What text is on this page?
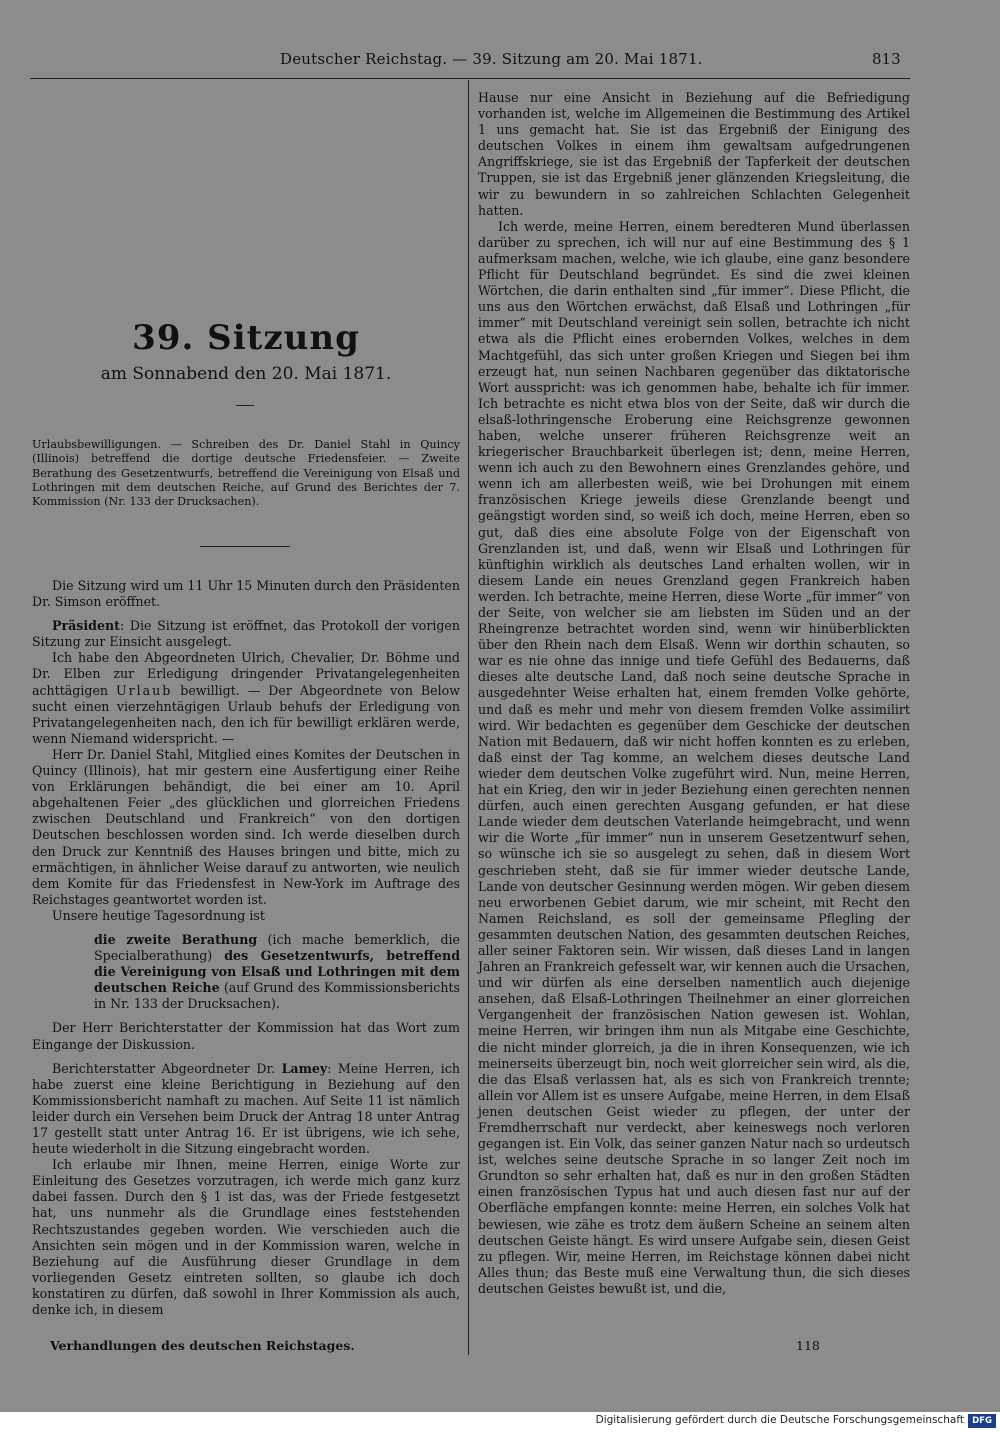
Deutscher Reichstag. — 39. Sitzung am 20. Mai 1871.	813
39. Sitzung
am Sonnabend den 20. Mai 1871.

Urlaubsbewilligungen. — Schreiben des Dr. Daniel Stahl in Quincy (Illinois) betreffend die dortige deutsche Friedensfeier. — Zweite Berathung des Gesetzentwurfs, betreffend die Vereinigung von Elsaß und Lothringen mit dem deutschen Reiche, auf Grund des Berichtes der 7. Kommission (Nr. 133 der Drucksachen).

Die Sitzung wird um 11 Uhr 15 Minuten durch den Präsidenten Dr. Simson eröffnet.

Präsident: Die Sitzung ist eröffnet, das Protokoll der vorigen Sitzung zur Einsicht ausgelegt.

Ich habe den Abgeordneten Ulrich, Chevalier, Dr. Böhme und Dr. Elben zur Erledigung dringender Privatangelegenheiten achttägigen Urlaub bewilligt. — Der Abgeordnete von Below sucht einen vierzehntägigen Urlaub behufs der Erledigung von Privatangelegenheiten nach, den ich für bewilligt erklären werde, wenn Niemand widerspricht. —

Herr Dr. Daniel Stahl, Mitglied eines Komites der Deutschen in Quincy (Illinois), hat mir gestern eine Ausfertigung einer Reihe von Erklärungen behändigt, die bei einer am 10. April abgehaltenen Feier „des glücklichen und glorreichen Friedens zwischen Deutschland und Frankreich“ von den dortigen Deutschen beschlossen worden sind. Ich werde dieselben durch den Druck zur Kenntniß des Hauses bringen und bitte, mich zu ermächtigen, in ähnlicher Weise darauf zu antworten, wie neulich dem Komite für das Friedensfest in New-York im Auftrage des Reichstages geantwortet worden ist.

Unsere heutige Tagesordnung ist

die zweite Berathung (ich mache bemerklich, die Specialberathung) des Gesetzentwurfs, betreffend die Vereinigung von Elsaß und Lothringen mit dem deutschen Reiche (auf Grund des Kommissionsberichts in Nr. 133 der Drucksachen).

Der Herr Berichterstatter der Kommission hat das Wort zum Eingange der Diskussion.

Berichterstatter Abgeordneter Dr. Lamey: Meine Herren, ich habe zuerst eine kleine Berichtigung in Beziehung auf den Kommissionsbericht namhaft zu machen. Auf Seite 11 ist nämlich leider durch ein Versehen beim Druck der Antrag 18 unter Antrag 17 gestellt statt unter Antrag 16. Er ist übrigens, wie ich sehe, heute wiederholt in die Sitzung eingebracht worden.

Ich erlaube mir Ihnen, meine Herren, einige Worte zur Einleitung des Gesetzes vorzutragen, ich werde mich ganz kurz dabei fassen. Durch den § 1 ist das, was der Friede festgesetzt hat, uns nunmehr als die Grundlage eines feststehenden Rechtszustandes gegeben worden. Wie verschieden auch die Ansichten sein mögen und in der Kommission waren, welche in Beziehung auf die Ausführung dieser Grundlage in dem vorliegenden Gesetz eintreten sollten, so glaube ich doch konstatiren zu dürfen, daß sowohl in Ihrer Kommission als auch, denke ich, in diesem

Hause nur eine Ansicht in Beziehung auf die Befriedigung vorhanden ist, welche im Allgemeinen die Bestimmung des Artikel 1 uns gemacht hat. Sie ist das Ergebniß der Einigung des deutschen Volkes in einem ihm gewaltsam aufgedrungenen Angriffskriege, sie ist das Ergebniß der Tapferkeit der deutschen Truppen, sie ist das Ergebniß jener glänzenden Kriegsleitung, die wir zu bewundern in so zahlreichen Schlachten Gelegenheit hatten.

Ich werde, meine Herren, einem beredteren Mund überlassen darüber zu sprechen, ich will nur auf eine Bestimmung des § 1 aufmerksam machen, welche, wie ich glaube, eine ganz besondere Pflicht für Deutschland begründet. Es sind die zwei kleinen Wörtchen, die darin enthalten sind „für immer“. Diese Pflicht, die uns aus den Wörtchen erwächst, daß Elsaß und Lothringen „für immer“ mit Deutschland vereinigt sein sollen, betrachte ich nicht etwa als die Pflicht eines erobernden Volkes, welches in dem Machtgefühl, das sich unter großen Kriegen und Siegen bei ihm erzeugt hat, nun seinen Nachbaren gegenüber das diktatorische Wort ausspricht: was ich genommen habe, behalte ich für immer. Ich betrachte es nicht etwa blos von der Seite, daß wir durch die elsaß-lothringensche Eroberung eine Reichsgrenze gewonnen haben, welche unserer früheren Reichsgrenze weit an kriegerischer Brauchbarkeit überlegen ist; denn, meine Herren, wenn ich auch zu den Bewohnern eines Grenzlandes gehöre, und wenn ich am allerbesten weiß, wie bei Drohungen mit einem französischen Kriege jeweils diese Grenzlande beengt und geängstigt worden sind, so weiß ich doch, meine Herren, eben so gut, daß dies eine absolute Folge von der Eigenschaft von Grenzlanden ist, und daß, wenn wir Elsaß und Lothringen für künftighin wirklich als deutsches Land erhalten wollen, wir in diesem Lande ein neues Grenzland gegen Frankreich haben werden. Ich betrachte, meine Herren, diese Worte „für immer“ von der Seite, von welcher sie am liebsten im Süden und an der Rheingrenze betrachtet worden sind, wenn wir hinüberblickten über den Rhein nach dem Elsaß. Wenn wir dorthin schauten, so war es nie ohne das innige und tiefe Gefühl des Bedauerns, daß dieses alte deutsche Land, daß noch seine deutsche Sprache in ausgedehnter Weise erhalten hat, einem fremden Volke gehörte, und daß es mehr und mehr von diesem fremden Volke assimilirt wird. Wir bedachten es gegenüber dem Geschicke der deutschen Nation mit Bedauern, daß wir nicht hoffen konnten es zu erleben, daß einst der Tag komme, an welchem dieses deutsche Land wieder dem deutschen Volke zugeführt wird. Nun, meine Herren, hat ein Krieg, den wir in jeder Beziehung einen gerechten nennen dürfen, auch einen gerechten Ausgang gefunden, er hat diese Lande wieder dem deutschen Vaterlande heimgebracht, und wenn wir die Worte „für immer“ nun in unserem Gesetzentwurf sehen, so wünsche ich sie so ausgelegt zu sehen, daß in diesem Wort geschrieben steht, daß sie für immer wieder deutsche Lande, Lande von deutscher Gesinnung werden mögen. Wir geben diesem neu erworbenen Gebiet darum, wie mir scheint, mit Recht den Namen Reichsland, es soll der gemeinsame Pflegling der gesammten deutschen Nation, des gesammten deutschen Reiches, aller seiner Faktoren sein. Wir wissen, daß dieses Land in langen Jahren an Frankreich gefesselt war, wir kennen auch die Ursachen, und wir dürfen als eine derselben namentlich auch diejenige ansehen, daß Elsaß-Lothringen Theilnehmer an einer glorreichen Vergangenheit der französischen Nation gewesen ist. Wohlan, meine Herren, wir bringen ihm nun als Mitgabe eine Geschichte, die nicht minder glorreich, ja die in ihren Konsequenzen, wie ich meinerseits überzeugt bin, noch weit glorreicher sein wird, als die, die das Elsaß verlassen hat, als es sich von Frankreich trennte; allein vor Allem ist es unsere Aufgabe, meine Herren, in dem Elsaß jenen deutschen Geist wieder zu pflegen, der unter der Fremdherrschaft nur verdeckt, aber keineswegs noch verloren gegangen ist. Ein Volk, das seiner ganzen Natur nach so urdeutsch ist, welches seine deutsche Sprache in so langer Zeit noch im Grundton so sehr erhalten hat, daß es nur in den großen Städten einen französischen Typus hat und auch diesen fast nur auf der Oberfläche empfangen konnte: meine Herren, ein solches Volk hat bewiesen, wie zähe es trotz dem äußern Scheine an seinem alten deutschen Geiste hängt. Es wird unsere Aufgabe sein, diesen Geist zu pflegen. Wir, meine Herren, im Reichstage können dabei nicht Alles thun; das Beste muß eine Verwaltung thun, die sich dieses deutschen Geistes bewußt ist, und die,

Verhandlungen des deutschen Reichstages.	118
Digitalisierung gefördert durch die Deutsche Forschungsgemeinschaft DFG
